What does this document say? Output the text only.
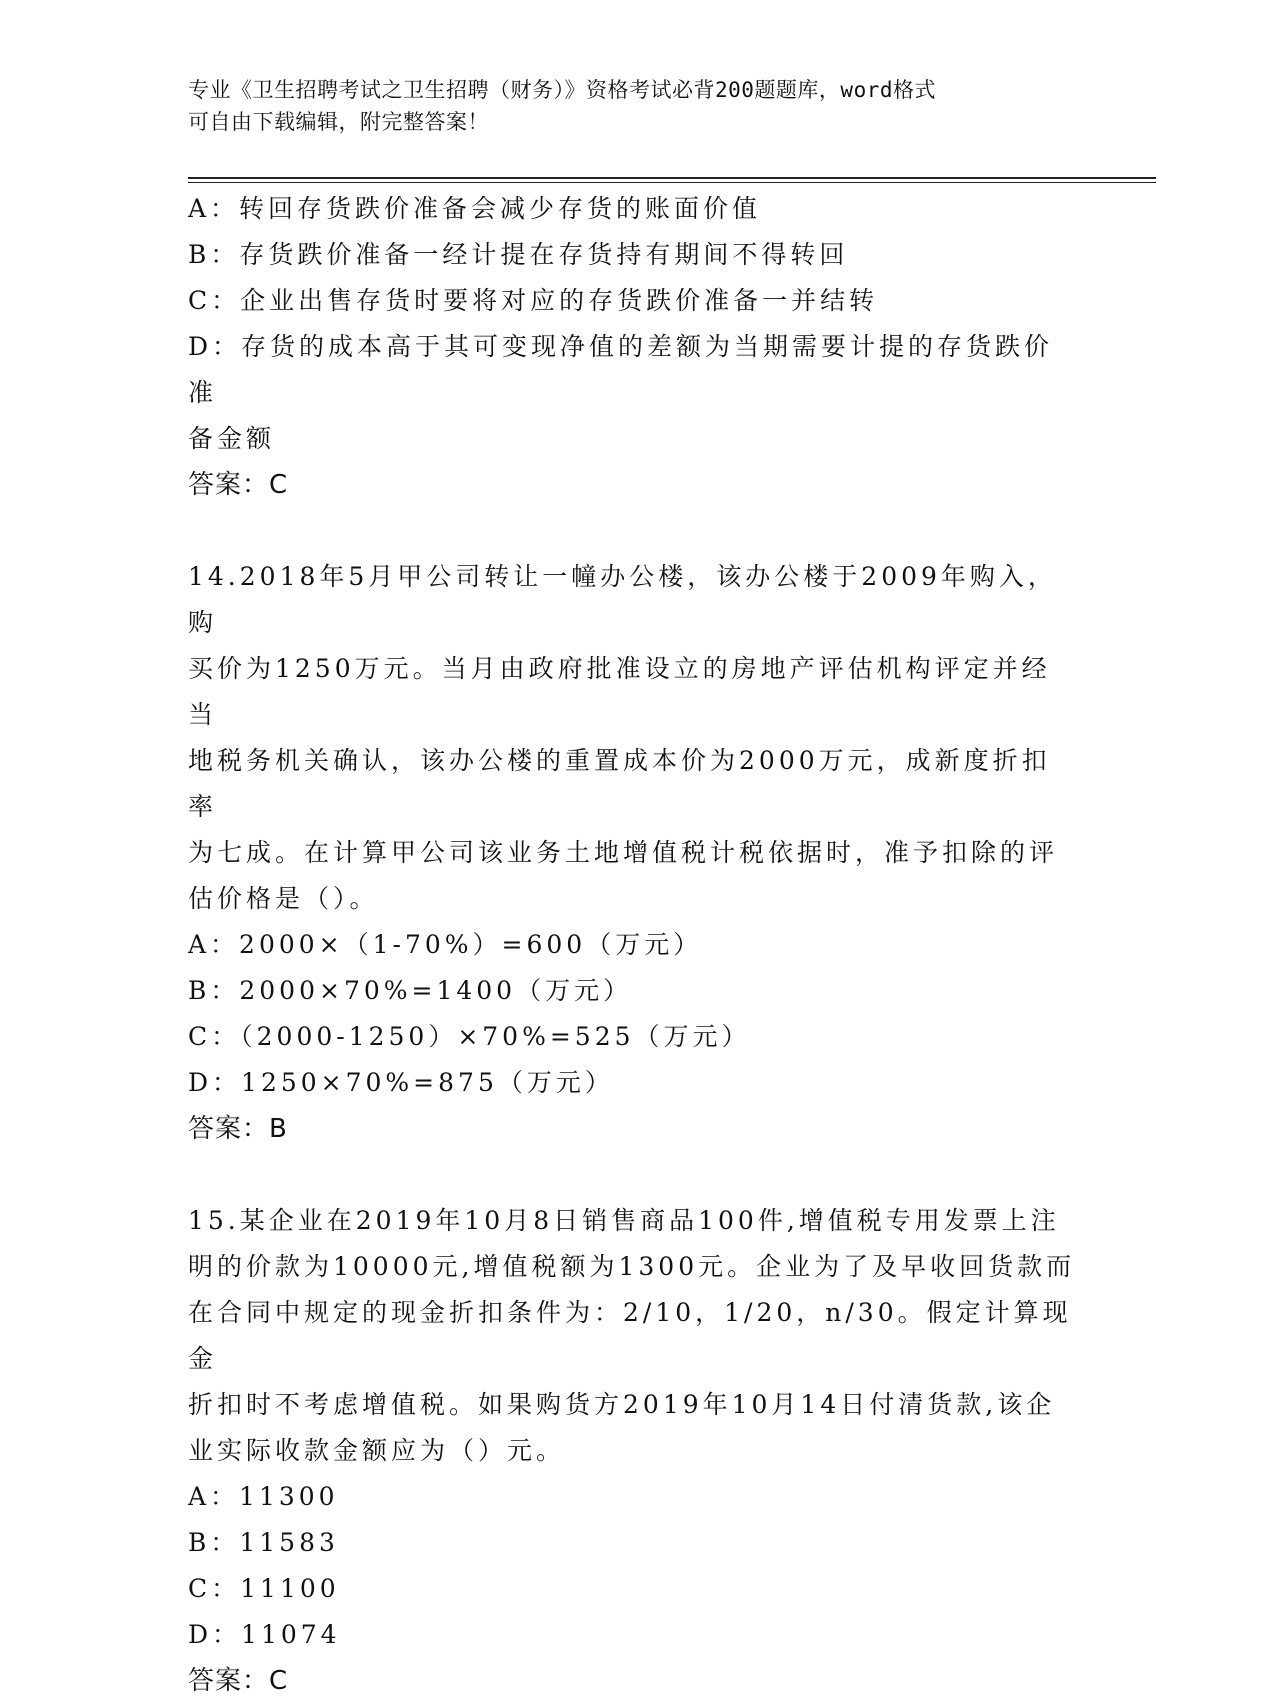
专业《卫生招聘考试之卫生招聘（财务）》资格考试必背200题题库，word格式
可自由下载编辑，附完整答案！
A：转回存货跌价准备会减少存货的账面价值
B：存货跌价准备一经计提在存货持有期间不得转回
C：企业出售存货时要将对应的存货跌价准备一并结转
D：存货的成本高于其可变现净值的差额为当期需要计提的存货跌价准
备金额
答案：C
14.2018年5月甲公司转让一幢办公楼，该办公楼于2009年购入，购
买价为1250万元。当月由政府批准设立的房地产评估机构评定并经当
地税务机关确认，该办公楼的重置成本价为2000万元，成新度折扣率
为七成。在计算甲公司该业务土地增值税计税依据时，准予扣除的评
估价格是（）。
A：2000×（1-70%）=600（万元）
B：2000×70%=1400（万元）
C：（2000-1250）×70%=525（万元）
D：1250×70%=875（万元）
答案：B
15.某企业在2019年10月8日销售商品100件,增值税专用发票上注
明的价款为10000元,增值税额为1300元。企业为了及早收回货款而
在合同中规定的现金折扣条件为：2/10，1/20，n/30。假定计算现金
折扣时不考虑增值税。如果购货方2019年10月14日付清货款,该企
业实际收款金额应为（）元。
A：11300
B：11583
C：11100
D：11074
答案：C
